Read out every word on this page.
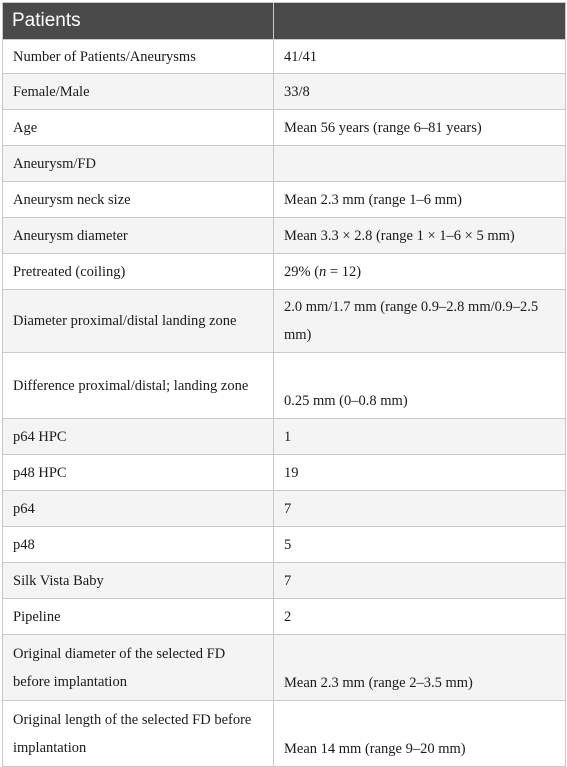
Patients	
Number of Patients/Aneurysms	41/41
Female/Male	33/8
Age	Mean 56 years (range 6–81 years)
Aneurysm/FD	
Aneurysm neck size	Mean 2.3 mm (range 1–6 mm)
Aneurysm diameter	Mean 3.3 × 2.8 (range 1 × 1–6 × 5 mm)
Pretreated (coiling)	29% (n = 12)
Diameter proximal/distal landing zone	2.0 mm/1.7 mm (range 0.9–2.8 mm/0.9–2.5 mm)
Difference proximal/distal; landing zone	0.25 mm (0–0.8 mm)
p64 HPC	1
p48 HPC	19
p64	7
p48	5
Silk Vista Baby	7
Pipeline	2
Original diameter of the selected FD before implantation	Mean 2.3 mm (range 2–3.5 mm)
Original length of the selected FD before implantation	Mean 14 mm (range 9–20 mm)
